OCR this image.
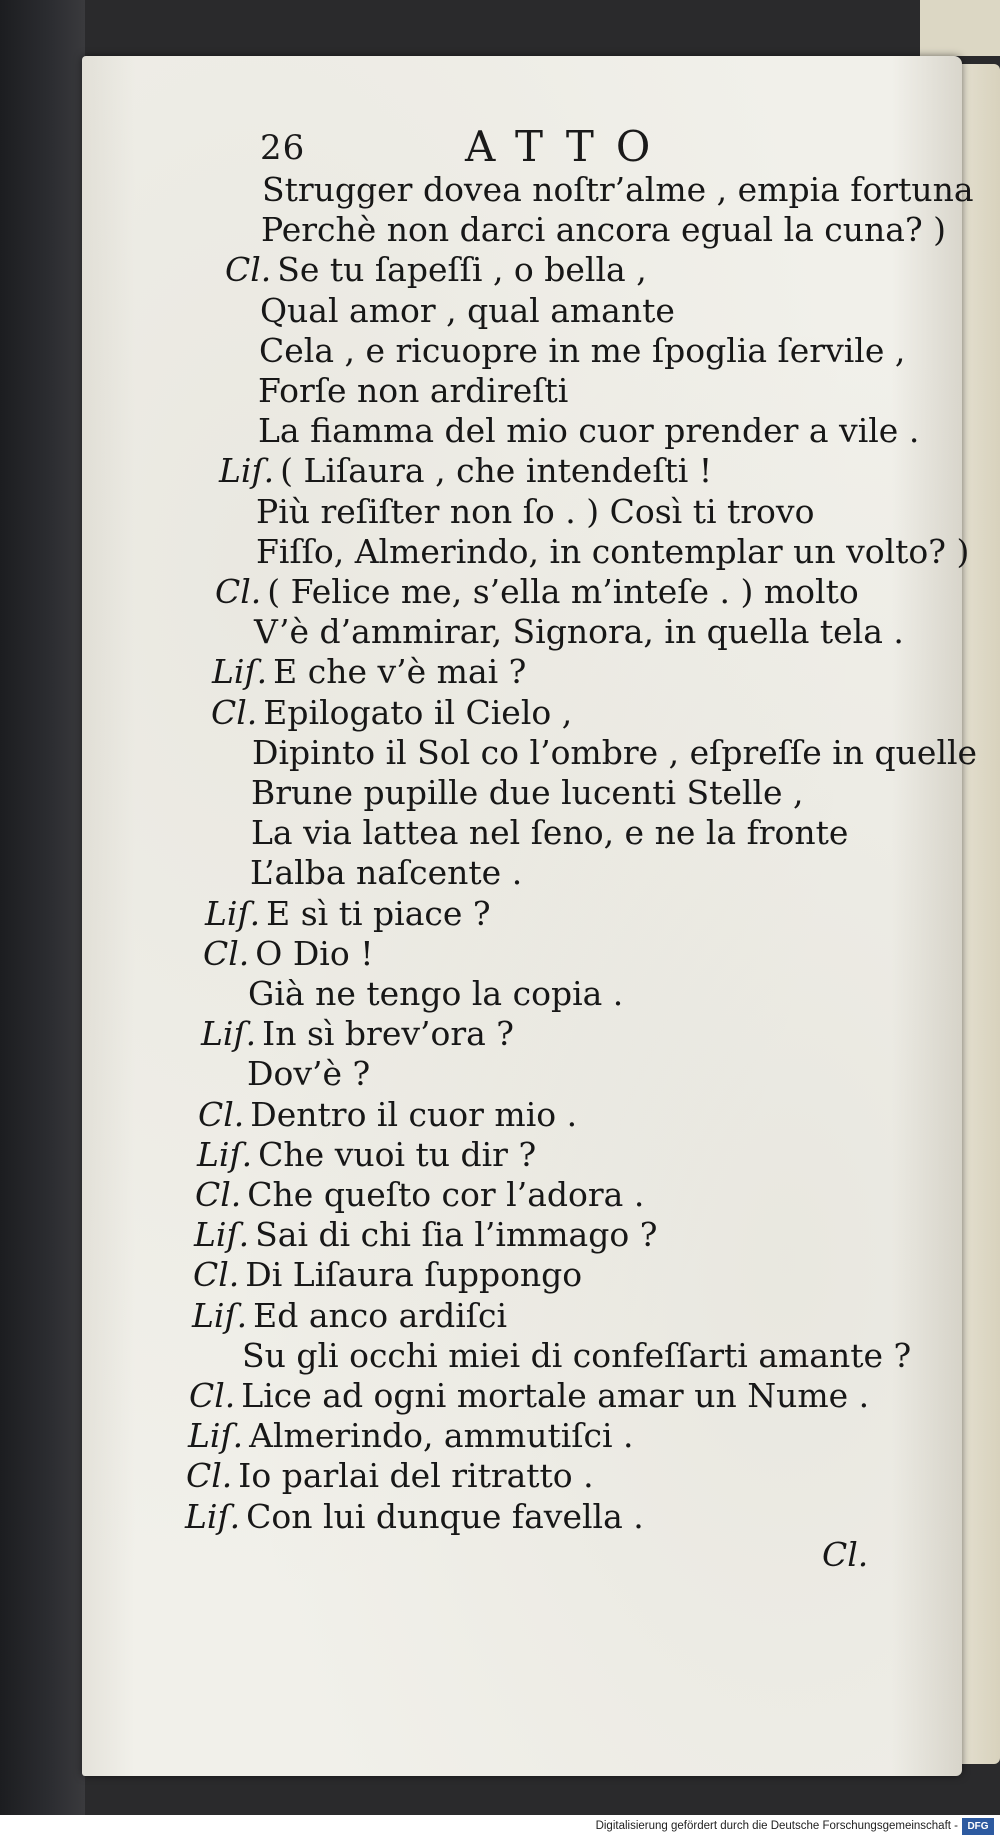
26	ATTO
Strugger dovea noſtr’alme , empia fortuna
Perchè non darci ancora egual la cuna? )
Cl. Se tu ſapeſſi , o bella ,
Qual amor , qual amante
Cela , e ricuopre in me ſpoglia ſervile ,
Forſe non ardireſti
La fiamma del mio cuor prender a vile .
Liſ. ( Liſaura , che intendeſti !
Più reſiſter non ſo . ) Così ti trovo
Fiſſo, Almerindo, in contemplar un volto? )
Cl. ( Felice me, s’ella m’inteſe . ) molto
V’è d’ammirar, Signora, in quella tela .
Liſ. E che v’è mai ?
Cl. Epilogato il Cielo ,
Dipinto il Sol co l’ombre , eſpreſſe in quelle
Brune pupille due lucenti Stelle ,
La via lattea nel ſeno, e ne la fronte
L’alba naſcente .
Liſ. E sì ti piace ?
Cl. O Dio !
Già ne tengo la copia .
Liſ. In sì brev’ora ?
Dov’è ?
Cl. Dentro il cuor mio .
Liſ. Che vuoi tu dir ?
Cl. Che queſto cor l’adora .
Liſ. Sai di chi ſia l’immago ?
Cl. Di Liſaura ſuppongo
Liſ. Ed anco ardiſci
Su gli occhi miei di confeſſarti amante ?
Cl. Lice ad ogni mortale amar un Nume .
Liſ. Almerindo, ammutiſci .
Cl. Io parlai del ritratto .
Liſ. Con lui dunque favella .
Cl.
Digitalisierung gefördert durch die Deutsche Forschungsgemeinschaft - DFG
